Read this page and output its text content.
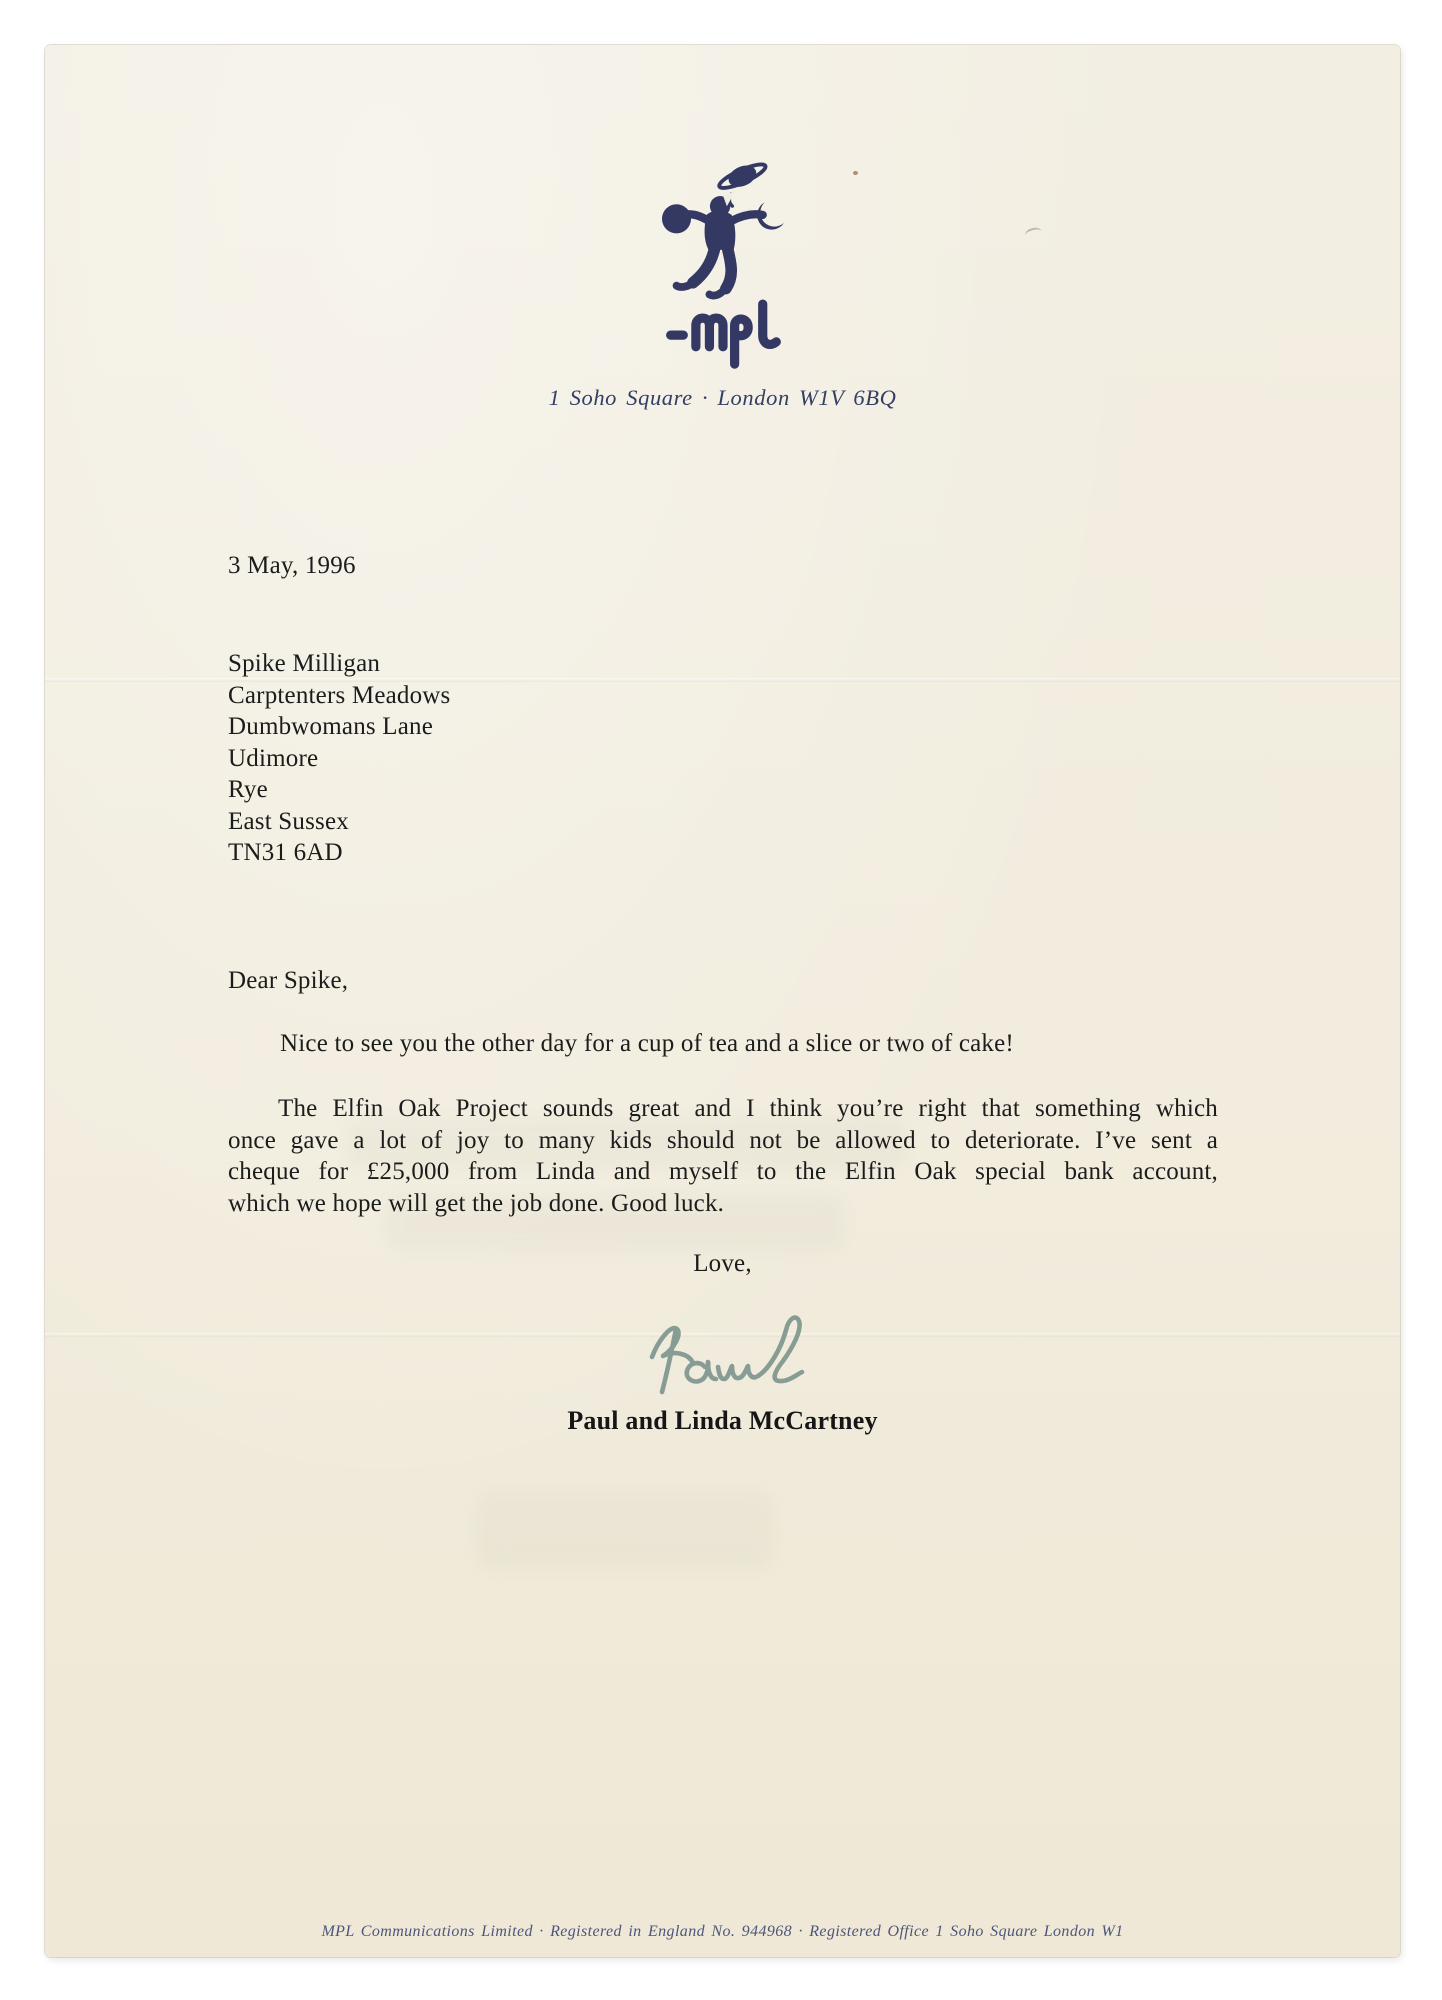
1 Soho Square · London W1V 6BQ
3 May, 1996
Spike Milligan
Carptenters Meadows
Dumbwomans Lane
Udimore
Rye
East Sussex
TN31 6AD
Dear Spike,
Nice to see you the other day for a cup of tea and a slice or two of cake!
The Elfin Oak Project sounds great and I think you’re right that something which
once gave a lot of joy to many kids should not be allowed to deteriorate. I’ve sent a
cheque for £25,000 from Linda and myself to the Elfin Oak special bank account,
which we hope will get the job done. Good luck.
Love,
Paul and Linda McCartney
MPL Communications Limited · Registered in England No. 944968 · Registered Office 1 Soho Square London W1
